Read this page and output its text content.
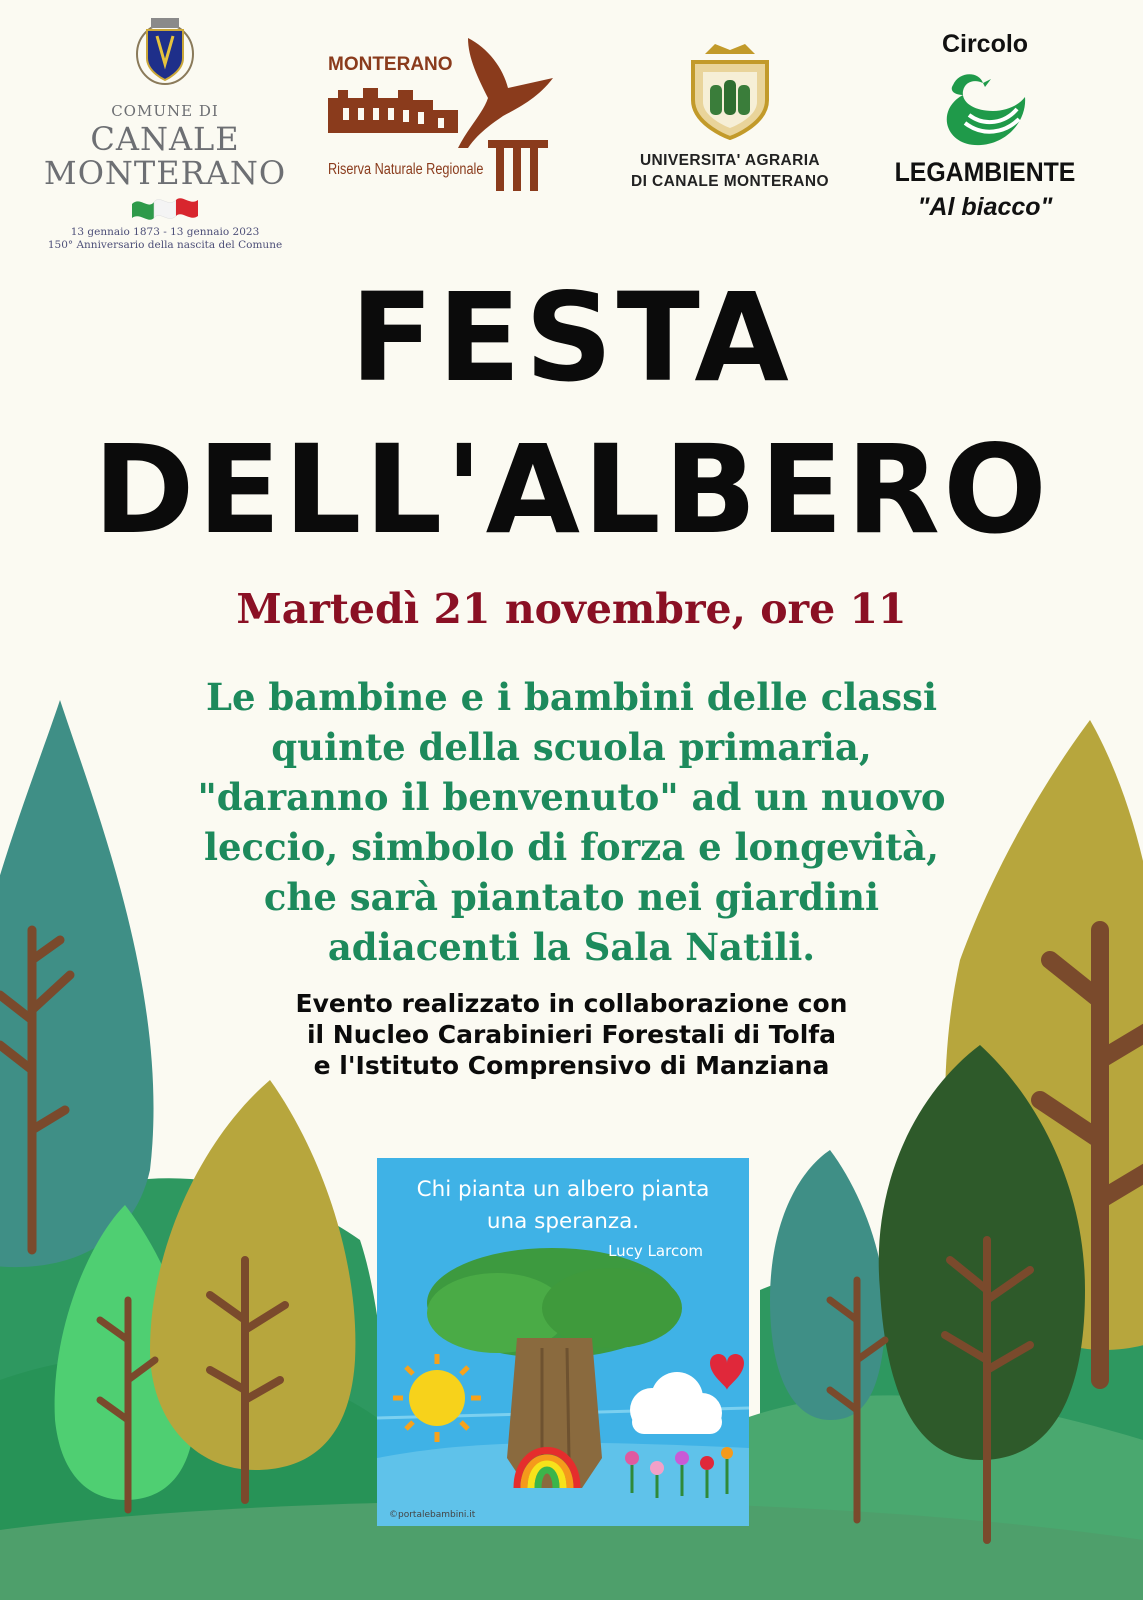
COMUNE DI
CANALE
MONTERANO
13 gennaio 1873 - 13 gennaio 2023
150° Anniversario della nascita del Comune
MONTERANO
Riserva Naturale Regionale
UNIVERSITA' AGRARIA
DI CANALE MONTERANO
Circolo
LEGAMBIENTE
"Al biacco"
FESTA
DELL'ALBERO
Martedì 21 novembre, ore 11
Le bambine e i bambini delle classi
quinte della scuola primaria,
"daranno il benvenuto" ad un nuovo
leccio, simbolo di forza e longevità,
che sarà piantato nei giardini
adiacenti la Sala Natili.
Evento realizzato in collaborazione con
il Nucleo Carabinieri Forestali di Tolfa
e l'Istituto Comprensivo di Manziana
Chi pianta un albero pianta
una speranza.
Lucy Larcom
©portalebambini.it
